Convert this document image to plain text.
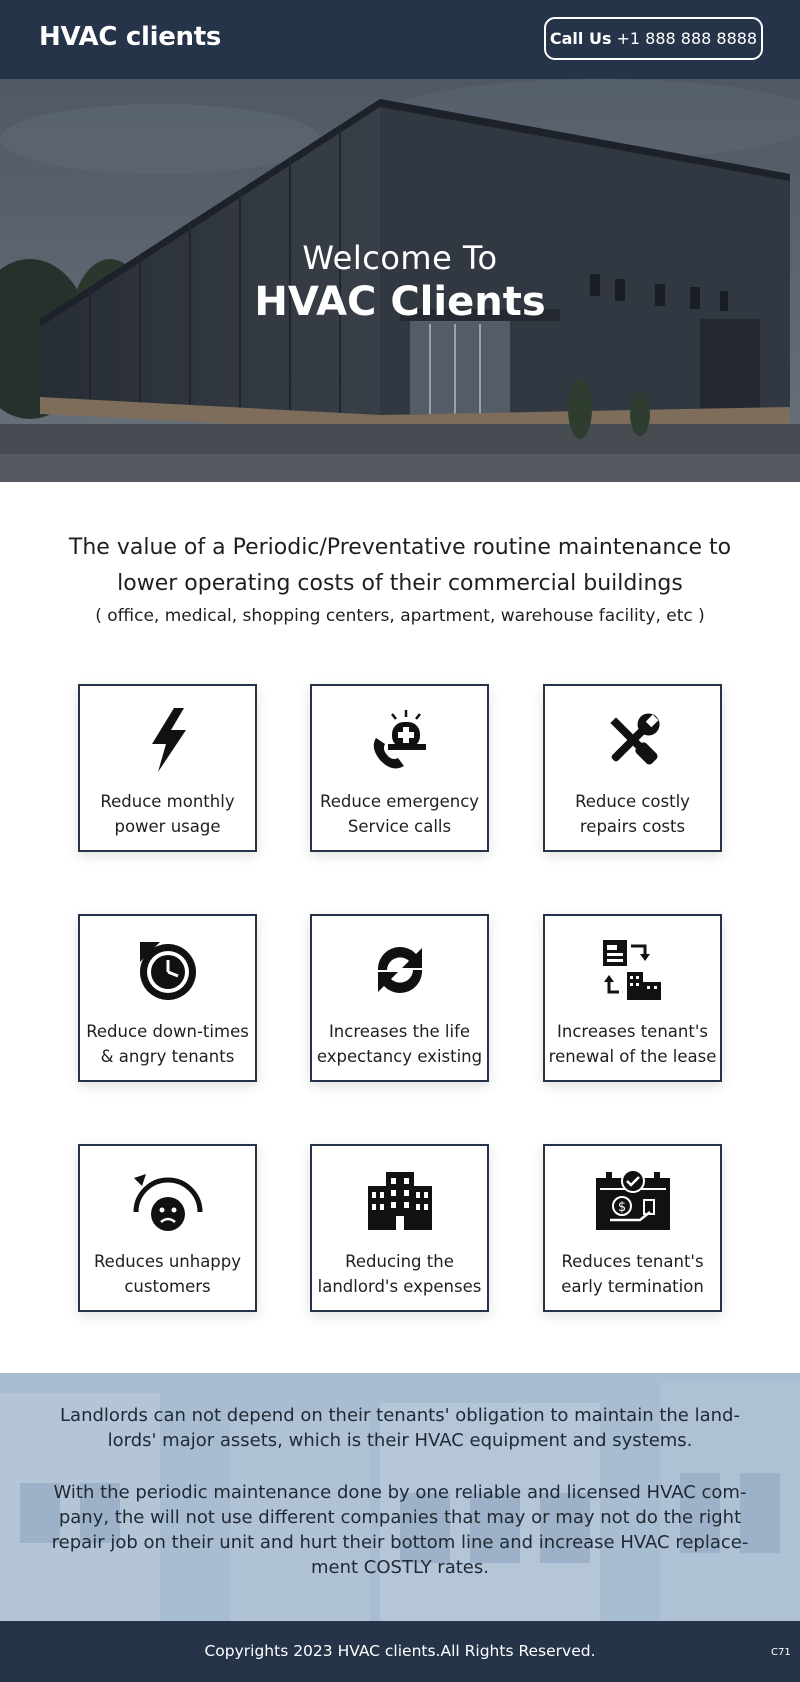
HVAC clients	Call Us +1 888 888 8888
Welcome To
HVAC Clients
The value of a Periodic/Preventative routine maintenance to lower operating costs of their commercial buildings
( office, medical, shopping centers, apartment, warehouse facility, etc )
Reduce monthly
power usage
Reduce emergency
Service calls
Reduce costly
repairs costs
Reduce down-times
& angry tenants
Increases the life
expectancy existing
Increases tenant's
renewal of the lease
Reduces unhappy
customers
Reducing the
landlord's expenses
$
Reduces tenant's
early termination
Landlords can not depend on their tenants' obligation to maintain the land-lords' major assets, which is their HVAC equipment and systems.
With the periodic maintenance done by one reliable and licensed HVAC com-pany, the will not use different companies that may or may not do the right repair job on their unit and hurt their bottom line and increase HVAC replace-ment COSTLY rates.
Copyrights 2023 HVAC clients.All Rights Reserved.	C71
